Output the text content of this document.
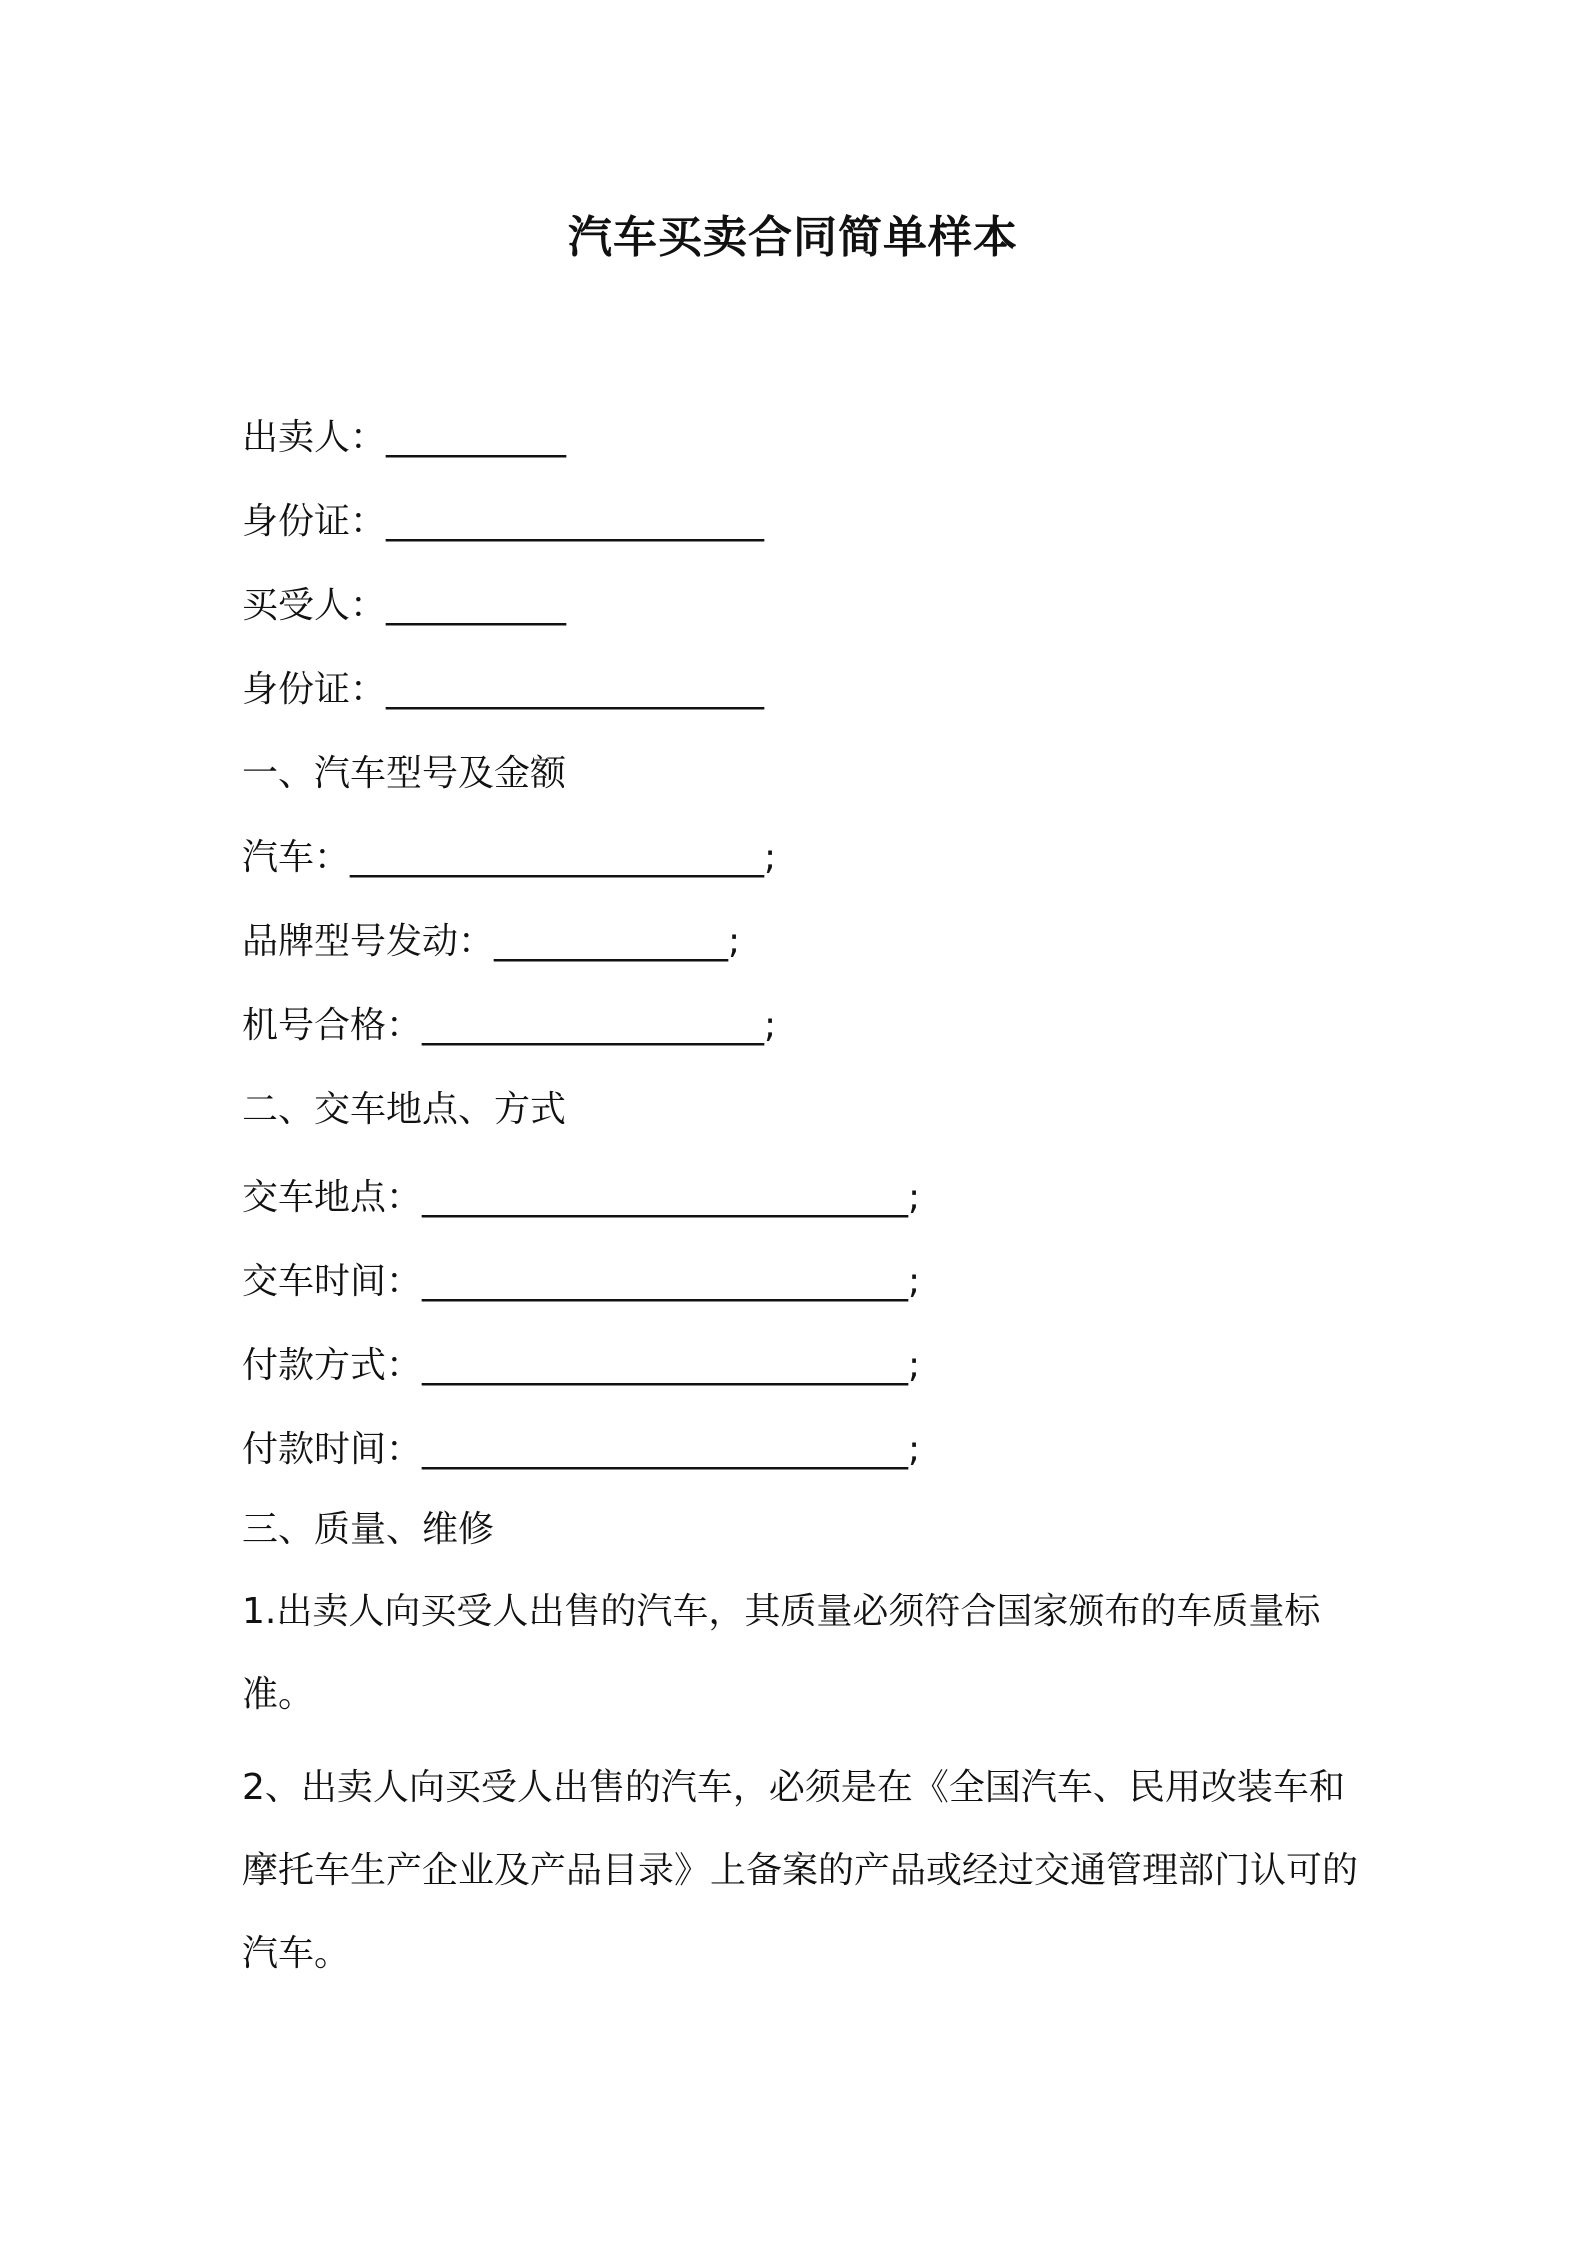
汽车买卖合同简单样本
出卖人：__________
身份证：_____________________
买受人：__________
身份证：_____________________
一、汽车型号及金额
汽车：_______________________;
品牌型号发动：_____________;
机号合格：___________________;
二、交车地点、方式
交车地点：___________________________;
交车时间：___________________________;
付款方式：___________________________;
付款时间：___________________________;
三、质量、维修
1.出卖人向买受人出售的汽车，其质量必须符合国家颁布的车质量标准。
2、出卖人向买受人出售的汽车，必须是在《全国汽车、民用改装车和摩托车生产企业及产品目录》上备案的产品或经过交通管理部门认可的汽车。
